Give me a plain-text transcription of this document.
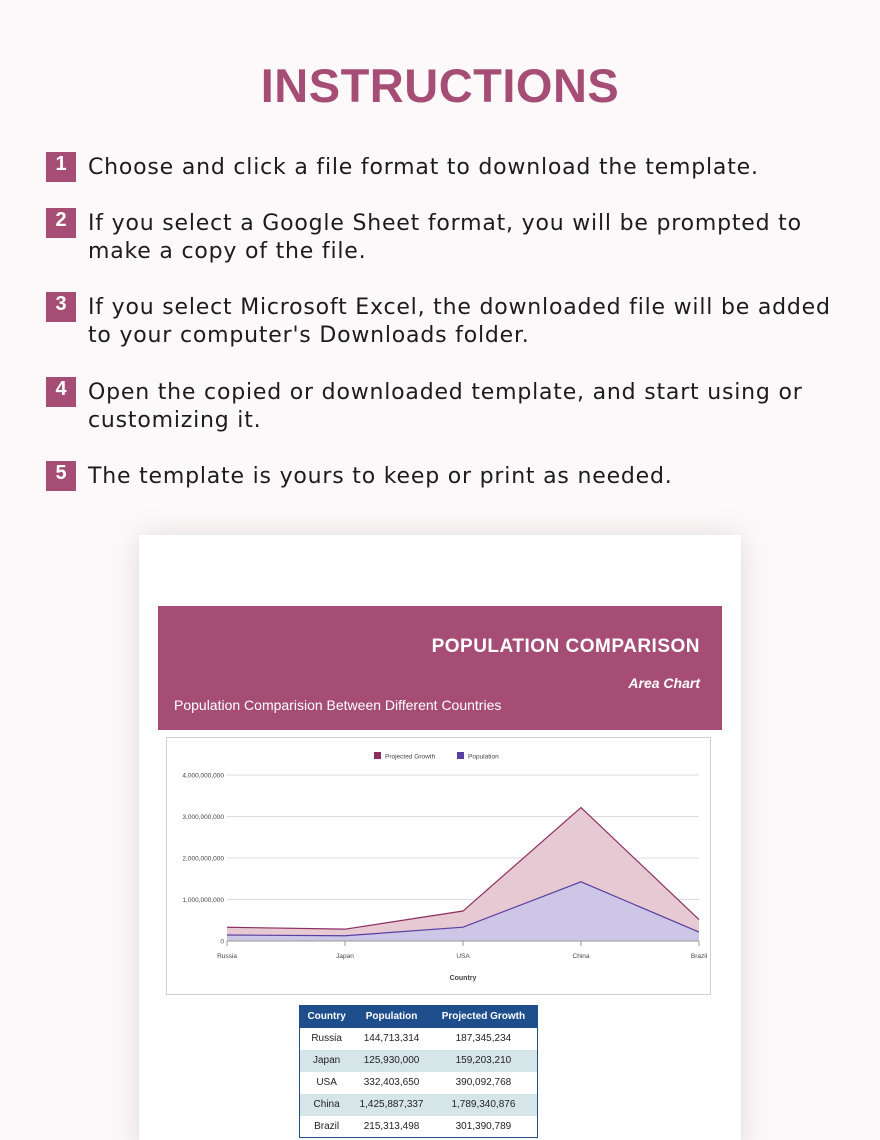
INSTRUCTIONS
1 Choose and click a file format to download the template.
2 If you select a Google Sheet format, you will be prompted to make a copy of the file.
3 If you select Microsoft Excel, the downloaded file will be added to your computer's Downloads folder.
4 Open the copied or downloaded template, and start using or customizing it.
5 The template is yours to keep or print as needed.
POPULATION COMPARISON
Area Chart
Population Comparision Between Different Countries
4,000,000,000
3,000,000,000
2,000,000,000
1,000,000,000
0
Russia	Japan	USA	China	Brazil
Country
Projected Growth	Population
Country	Population	Projected Growth
Russia	144,713,314	187,345,234
Japan	125,930,000	159,203,210
USA	332,403,650	390,092,768
China	1,425,887,337	1,789,340,876
Brazil	215,313,498	301,390,789
